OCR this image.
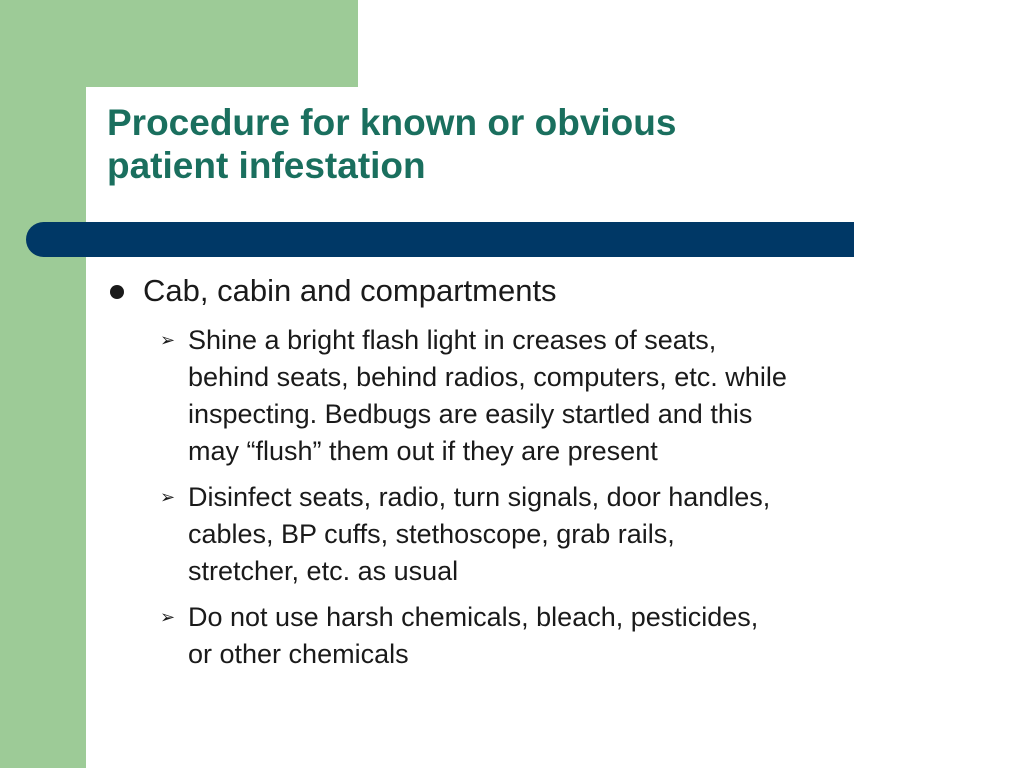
Procedure for known or obvious
patient infestation

Cab, cabin and compartments

➢ Shine a bright flash light in creases of seats,
behind seats, behind radios, computers, etc. while
inspecting. Bedbugs are easily startled and this
may “flush” them out if they are present

➢ Disinfect seats, radio, turn signals, door handles,
cables, BP cuffs, stethoscope, grab rails,
stretcher, etc. as usual

➢ Do not use harsh chemicals, bleach, pesticides,
or other chemicals
